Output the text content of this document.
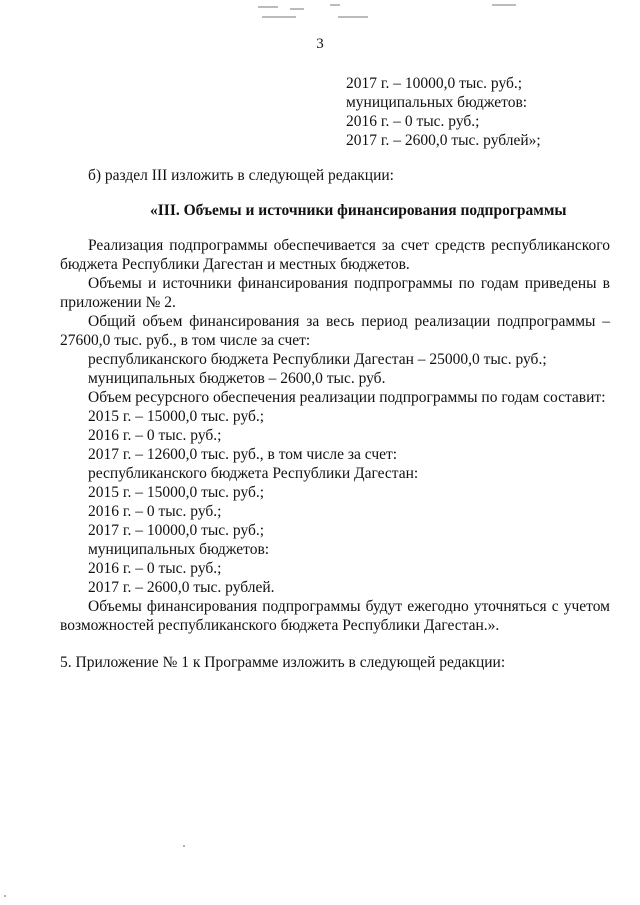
3
2017 г. – 10000,0 тыс. руб.;
муниципальных бюджетов:
2016 г. – 0 тыс. руб.;
2017 г. – 2600,0 тыс. рублей»;
б) раздел III изложить в следующей редакции:
«III. Объемы и источники финансирования подпрограммы
Реализация подпрограммы обеспечивается за счет средств республиканского
бюджета Республики Дагестан и местных бюджетов.
Объемы и источники финансирования подпрограммы по годам приведены в
приложении № 2.
Общий объем финансирования за весь период реализации подпрограммы –
27600,0 тыс. руб., в том числе за счет:
республиканского бюджета Республики Дагестан – 25000,0 тыс. руб.;
муниципальных бюджетов – 2600,0 тыс. руб.
Объем ресурсного обеспечения реализации подпрограммы по годам составит:
2015 г. – 15000,0 тыс. руб.;
2016 г. – 0 тыс. руб.;
2017 г. – 12600,0 тыс. руб., в том числе за счет:
республиканского бюджета Республики Дагестан:
2015 г. – 15000,0 тыс. руб.;
2016 г. – 0 тыс. руб.;
2017 г. – 10000,0 тыс. руб.;
муниципальных бюджетов:
2016 г. – 0 тыс. руб.;
2017 г. – 2600,0 тыс. рублей.
Объемы финансирования подпрограммы будут ежегодно уточняться с учетом
возможностей республиканского бюджета Республики Дагестан.».
5. Приложение № 1 к Программе изложить в следующей редакции:
